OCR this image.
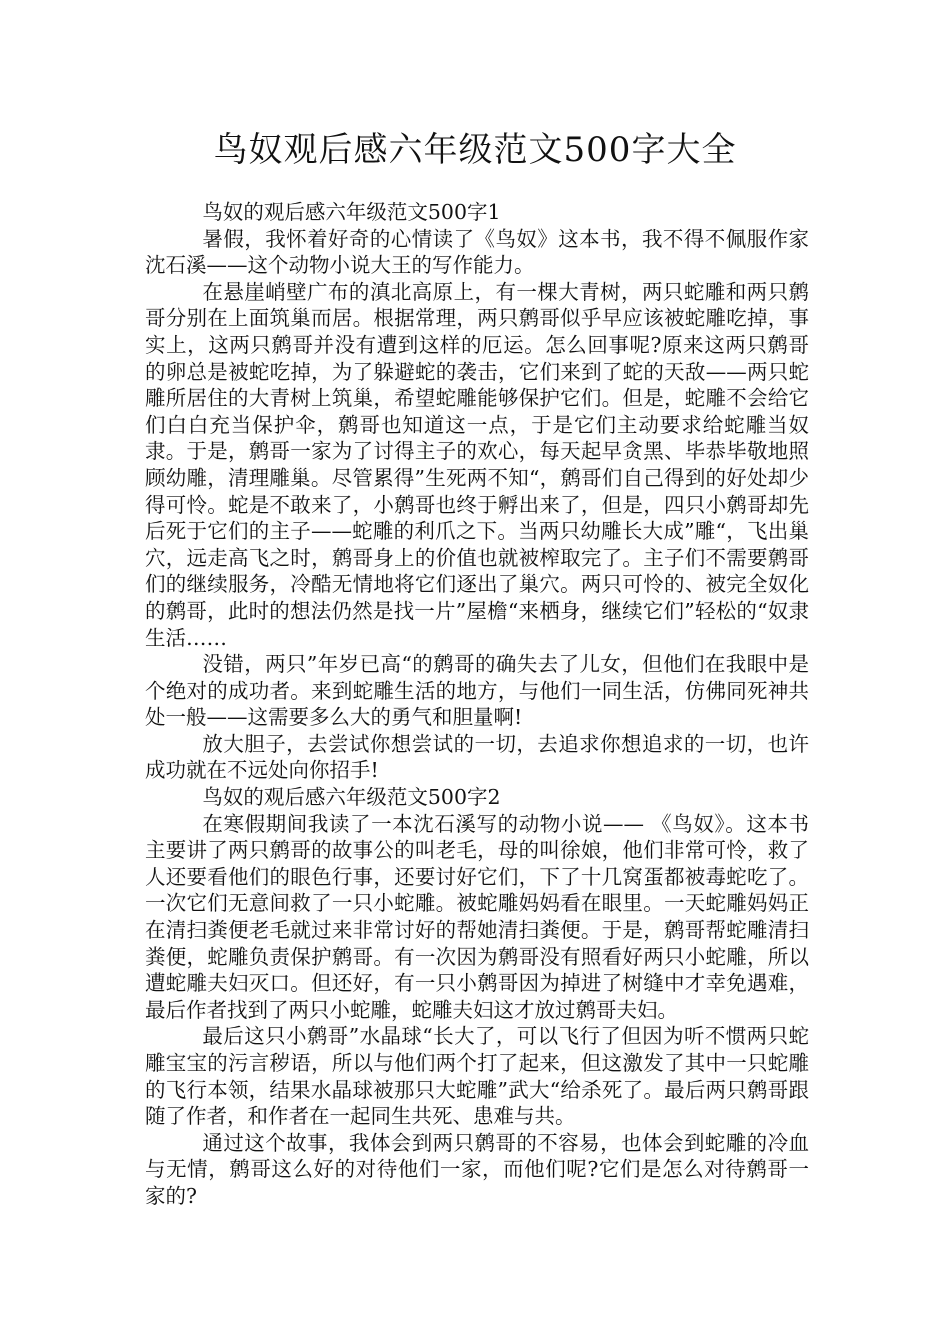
鸟奴观后感六年级范文500字大全

鸟奴的观后感六年级范文500字1

暑假，我怀着好奇的心情读了《鸟奴》这本书，我不得不佩服作家沈石溪——这个动物小说大王的写作能力。

在悬崖峭壁广布的滇北高原上，有一棵大青树，两只蛇雕和两只鹩哥分别在上面筑巢而居。根据常理，两只鹩哥似乎早应该被蛇雕吃掉，事实上，这两只鹩哥并没有遭到这样的厄运。怎么回事呢?原来这两只鹩哥的卵总是被蛇吃掉，为了躲避蛇的袭击，它们来到了蛇的天敌——两只蛇雕所居住的大青树上筑巢，希望蛇雕能够保护它们。但是，蛇雕不会给它们白白充当保护伞，鹩哥也知道这一点，于是它们主动要求给蛇雕当奴隶。于是，鹩哥一家为了讨得主子的欢心，每天起早贪黑、毕恭毕敬地照顾幼雕，清理雕巢。尽管累得”生死两不知“，鹩哥们自己得到的好处却少得可怜。蛇是不敢来了，小鹩哥也终于孵出来了，但是，四只小鹩哥却先后死于它们的主子——蛇雕的利爪之下。当两只幼雕长大成”雕“，飞出巢穴，远走高飞之时，鹩哥身上的价值也就被榨取完了。主子们不需要鹩哥们的继续服务，冷酷无情地将它们逐出了巢穴。两只可怜的、被完全奴化的鹩哥，此时的想法仍然是找一片”屋檐“来栖身，继续它们”轻松的“奴隶生活……

没错，两只”年岁已高“的鹩哥的确失去了儿女，但他们在我眼中是个绝对的成功者。来到蛇雕生活的地方，与他们一同生活，仿佛同死神共处一般——这需要多么大的勇气和胆量啊!

放大胆子，去尝试你想尝试的一切，去追求你想追求的一切，也许成功就在不远处向你招手!

鸟奴的观后感六年级范文500字2

在寒假期间我读了一本沈石溪写的动物小说—— 《鸟奴》。这本书主要讲了两只鹩哥的故事公的叫老毛，母的叫徐娘，他们非常可怜，救了人还要看他们的眼色行事，还要讨好它们，下了十几窝蛋都被毒蛇吃了。一次它们无意间救了一只小蛇雕。被蛇雕妈妈看在眼里。一天蛇雕妈妈正在清扫粪便老毛就过来非常讨好的帮她清扫粪便。于是，鹩哥帮蛇雕清扫粪便，蛇雕负责保护鹩哥。有一次因为鹩哥没有照看好两只小蛇雕，所以遭蛇雕夫妇灭口。但还好，有一只小鹩哥因为掉进了树缝中才幸免遇难，最后作者找到了两只小蛇雕，蛇雕夫妇这才放过鹩哥夫妇。

最后这只小鹩哥”水晶球“长大了，可以飞行了但因为听不惯两只蛇雕宝宝的污言秽语，所以与他们两个打了起来，但这激发了其中一只蛇雕的飞行本领，结果水晶球被那只大蛇雕”武大“给杀死了。最后两只鹩哥跟随了作者，和作者在一起同生共死、患难与共。

通过这个故事，我体会到两只鹩哥的不容易，也体会到蛇雕的冷血与无情，鹩哥这么好的对待他们一家，而他们呢?它们是怎么对待鹩哥一家的?
